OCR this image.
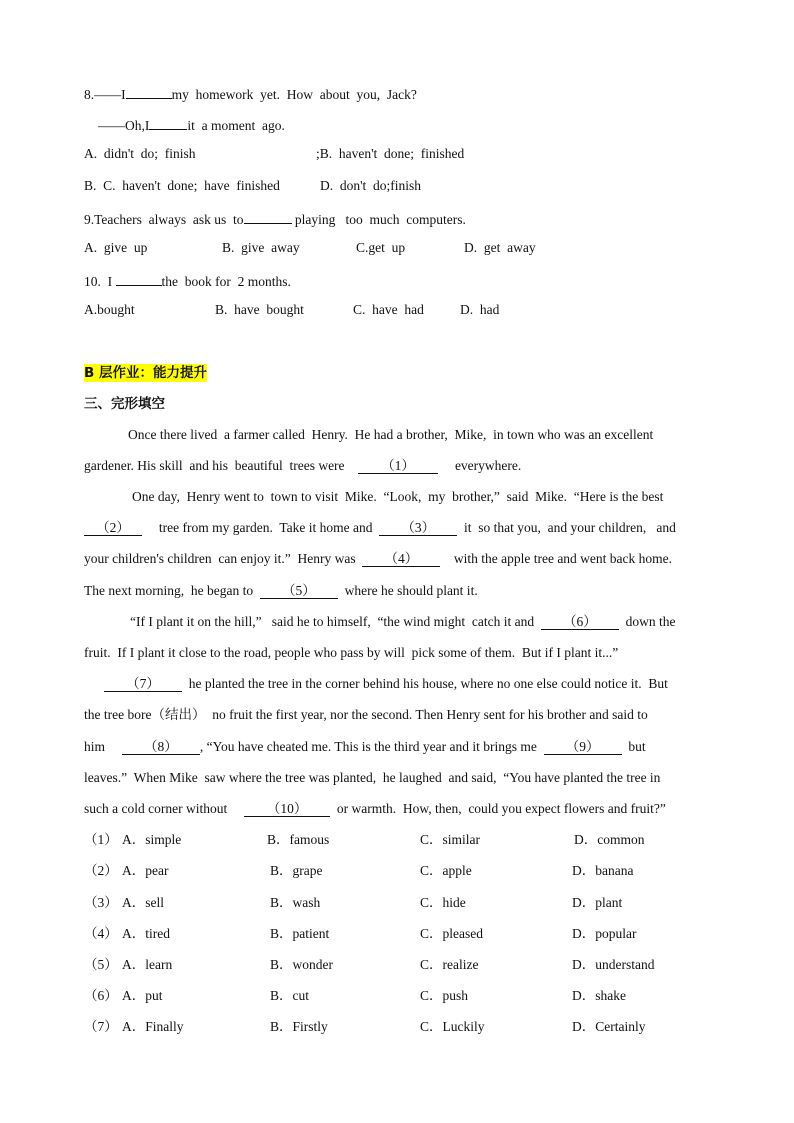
8.——I	my  homework  yet.  How  about  you,  Jack?
——Oh,I	it  a moment  ago.
A.  didn't  do;  finish	;B.  haven't  done;  finished
B.  C.  haven't  done;  have  finished	D.  don't  do;finish
9.Teachers  always  ask us  to	playing   too  much  computers.
A.  give  up	B.  give  away	C.get  up	D.  get  away
10.  I	the  book for  2 months.
A.bought	B.  have  bought	C.  have  had	D.  had
B 层作业：能力提升
三、完形填空
Once there lived  a farmer called  Henry.  He had a brother,  Mike,  in town who was an excellent
gardener. His skill  and his  beautiful  trees were	（1）	everywhere.
One day,  Henry went to  town to visit  Mike.  “Look,  my  brother,”  said  Mike.  “Here is the best
（2） tree from my garden.  Take it home and （3） it  so that you,  and your children,   and
your children's children  can enjoy it.”  Henry was （4）	with the apple tree and went back home.
The next morning,  he began to （5） where he should plant it.
“If I plant it on the hill,”   said he to himself,  “the wind might  catch it and （6） down the
fruit.  If I plant it close to the road, people who pass by will  pick some of them.  But if I plant it...”
（7） he planted the tree in the corner behind his house, where no one else could notice it.  But
the tree bore（结出）  no fruit the first year, nor the second. Then Henry sent for his brother and said to
him	（8） , “You have cheated me. This is the third year and it brings me （9） but
leaves.”  When Mike  saw where the tree was planted,  he laughed  and said,  “You have planted the tree in
such a cold corner without	（10） or warmth.  How, then,  could you expect flowers and fruit?”
（1） A．simple	B．famous	C．similar	D．common
（2） A．pear	B．grape	C．apple	D．banana
（3） A．sell	B．wash	C．hide	D．plant
（4） A．tired	B．patient	C．pleased	D．popular
（5） A．learn	B．wonder	C．realize	D．understand
（6） A．put	B．cut	C．push	D．shake
（7） A．Finally	B．Firstly	C．Luckily	D．Certainly
